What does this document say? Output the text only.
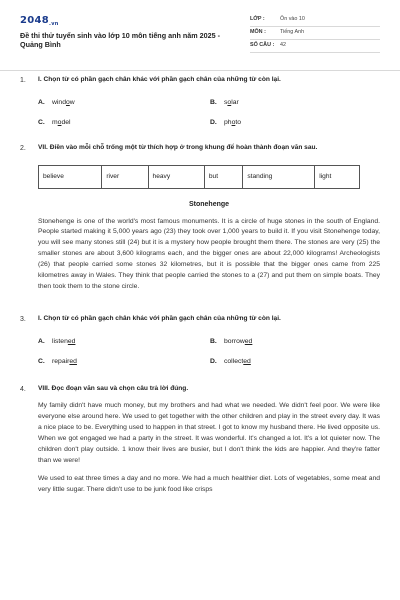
2048.vn
Đề thi thử tuyển sinh vào lớp 10 môn tiếng anh năm 2025 - Quảng Bình
LỚP :	Ôn vào 10
MÔN :	Tiếng Anh
SỐ CÂU :	42
1. I. Chọn từ có phần gạch chân khác với phần gạch chân của những từ còn lại.
A.	window	B.	solar
C.	model	D.	photo
2. VII. Điền vào mỗi chỗ trống một từ thích hợp ở trong khung để hoàn thành đoạn văn sau.
believe	river	heavy	but	standing	light
Stonehenge
Stonehenge is one of the world's most famous monuments. It is a circle of huge stones in the south of England. People started making it 5,000 years ago (23) they took over 1,000 years to build it. If you visit Stonehenge today, you will see many stones still (24) but it is a mystery how people brought them there. The stones are very (25) the smaller stones are about 3,600 kilograms each, and the bigger ones are about 22,000 kilograms! Archeologists (26) that people carried some stones 32 kilometres, but it is possible that the bigger ones came from 225 kilometres away in Wales. They think that people carried the stones to a (27) and put them on simple boats. They then took them to the stone circle.
3. I. Chọn từ có phần gạch chân khác với phần gạch chân của những từ còn lại.
A.	listened	B.	borrowed
C.	repaired	D.	collected
4. VIII. Đọc đoạn văn sau và chọn câu trả lời đúng.
My family didn't have much money, but my brothers and had what we needed. We didn't feel poor. We were like everyone else around here. We used to get together with the other children and play in the street every day. It was a nice place to be. Everything used to happen in that street. I got to know my husband there. He lived opposite us. When we got engaged we had a party in the street. It was wonderful. It's changed a lot. It's a lot quieter now. The children don't play outside. 1 know their lives are busier, but I don't think the kids are happier. And they're fatter than we were!
We used to eat three times a day and no more. We had a much healthier diet. Lots of vegetables, some meat and very little sugar. There didn't use to be junk food like crisps
